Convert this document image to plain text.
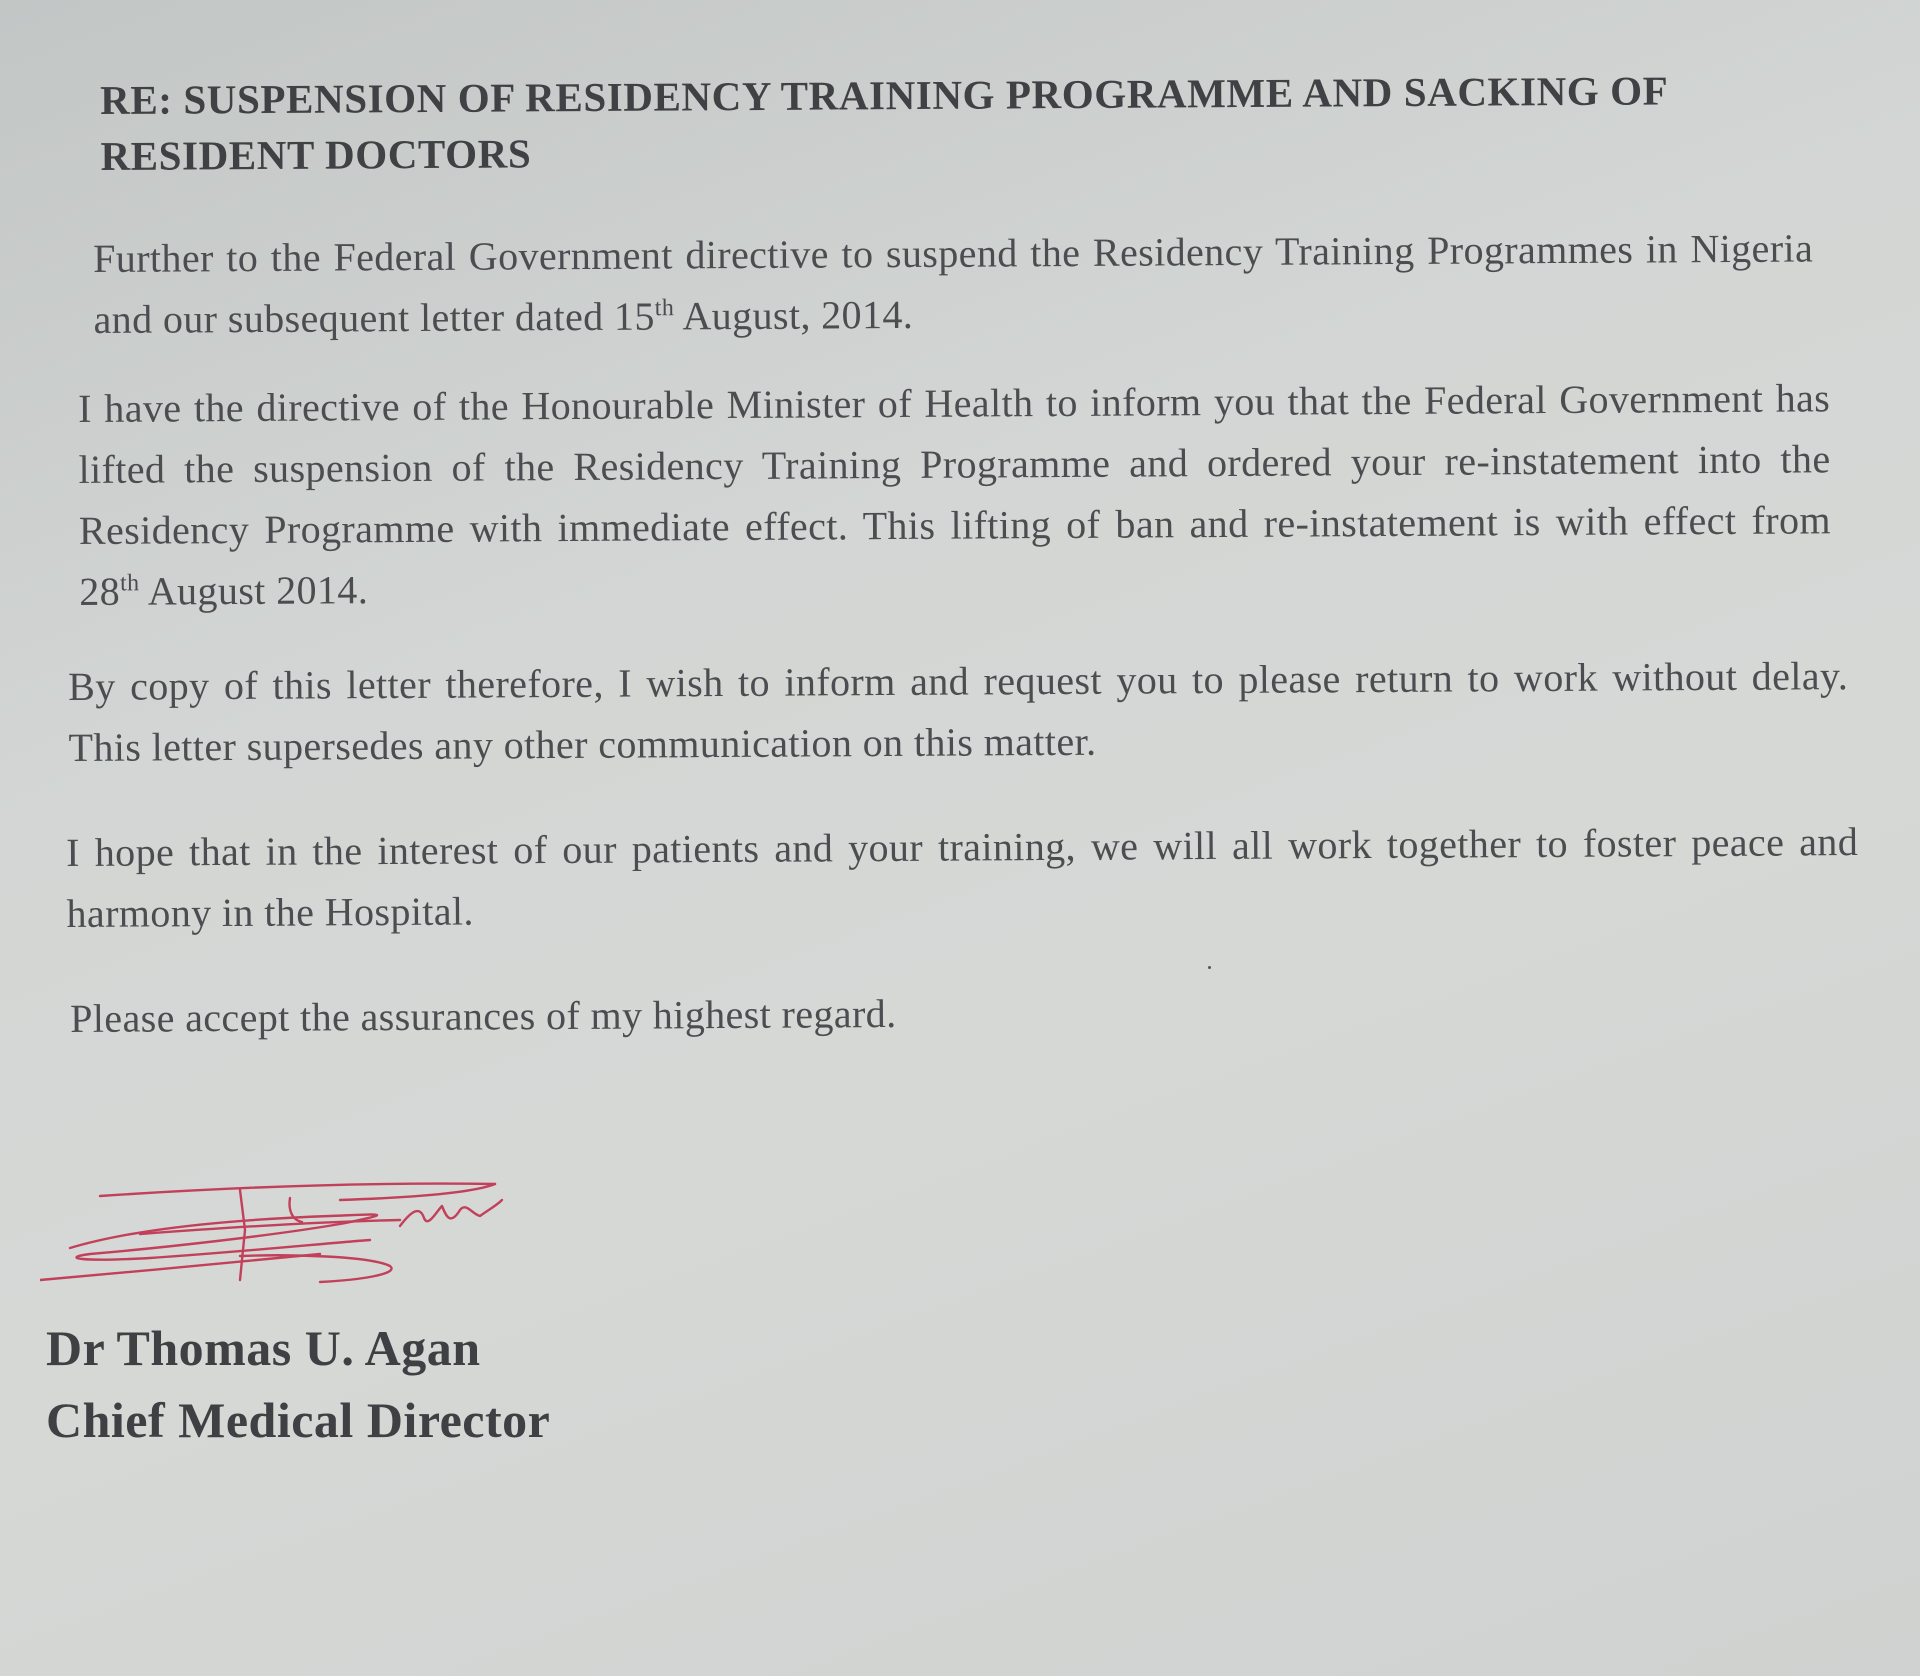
RE: SUSPENSION OF RESIDENCY TRAINING PROGRAMME AND SACKING OF RESIDENT DOCTORS
Further to the Federal Government directive to suspend the Residency Training Programmes in Nigeria and our subsequent letter dated 15th August, 2014.
I have the directive of the Honourable Minister of Health to inform you that the Federal Government has lifted the suspension of the Residency Training Programme and ordered your re-instatement into the Residency Programme with immediate effect. This lifting of ban and re-instatement is with effect from 28th August 2014.
By copy of this letter therefore, I wish to inform and request you to please return to work without delay.    This letter supersedes any other communication on this matter.
I hope that in the interest of our patients and your training, we will all work together to foster peace and harmony in the Hospital.
Please accept the assurances of my highest regard.
Dr Thomas U. Agan
Chief Medical Director
